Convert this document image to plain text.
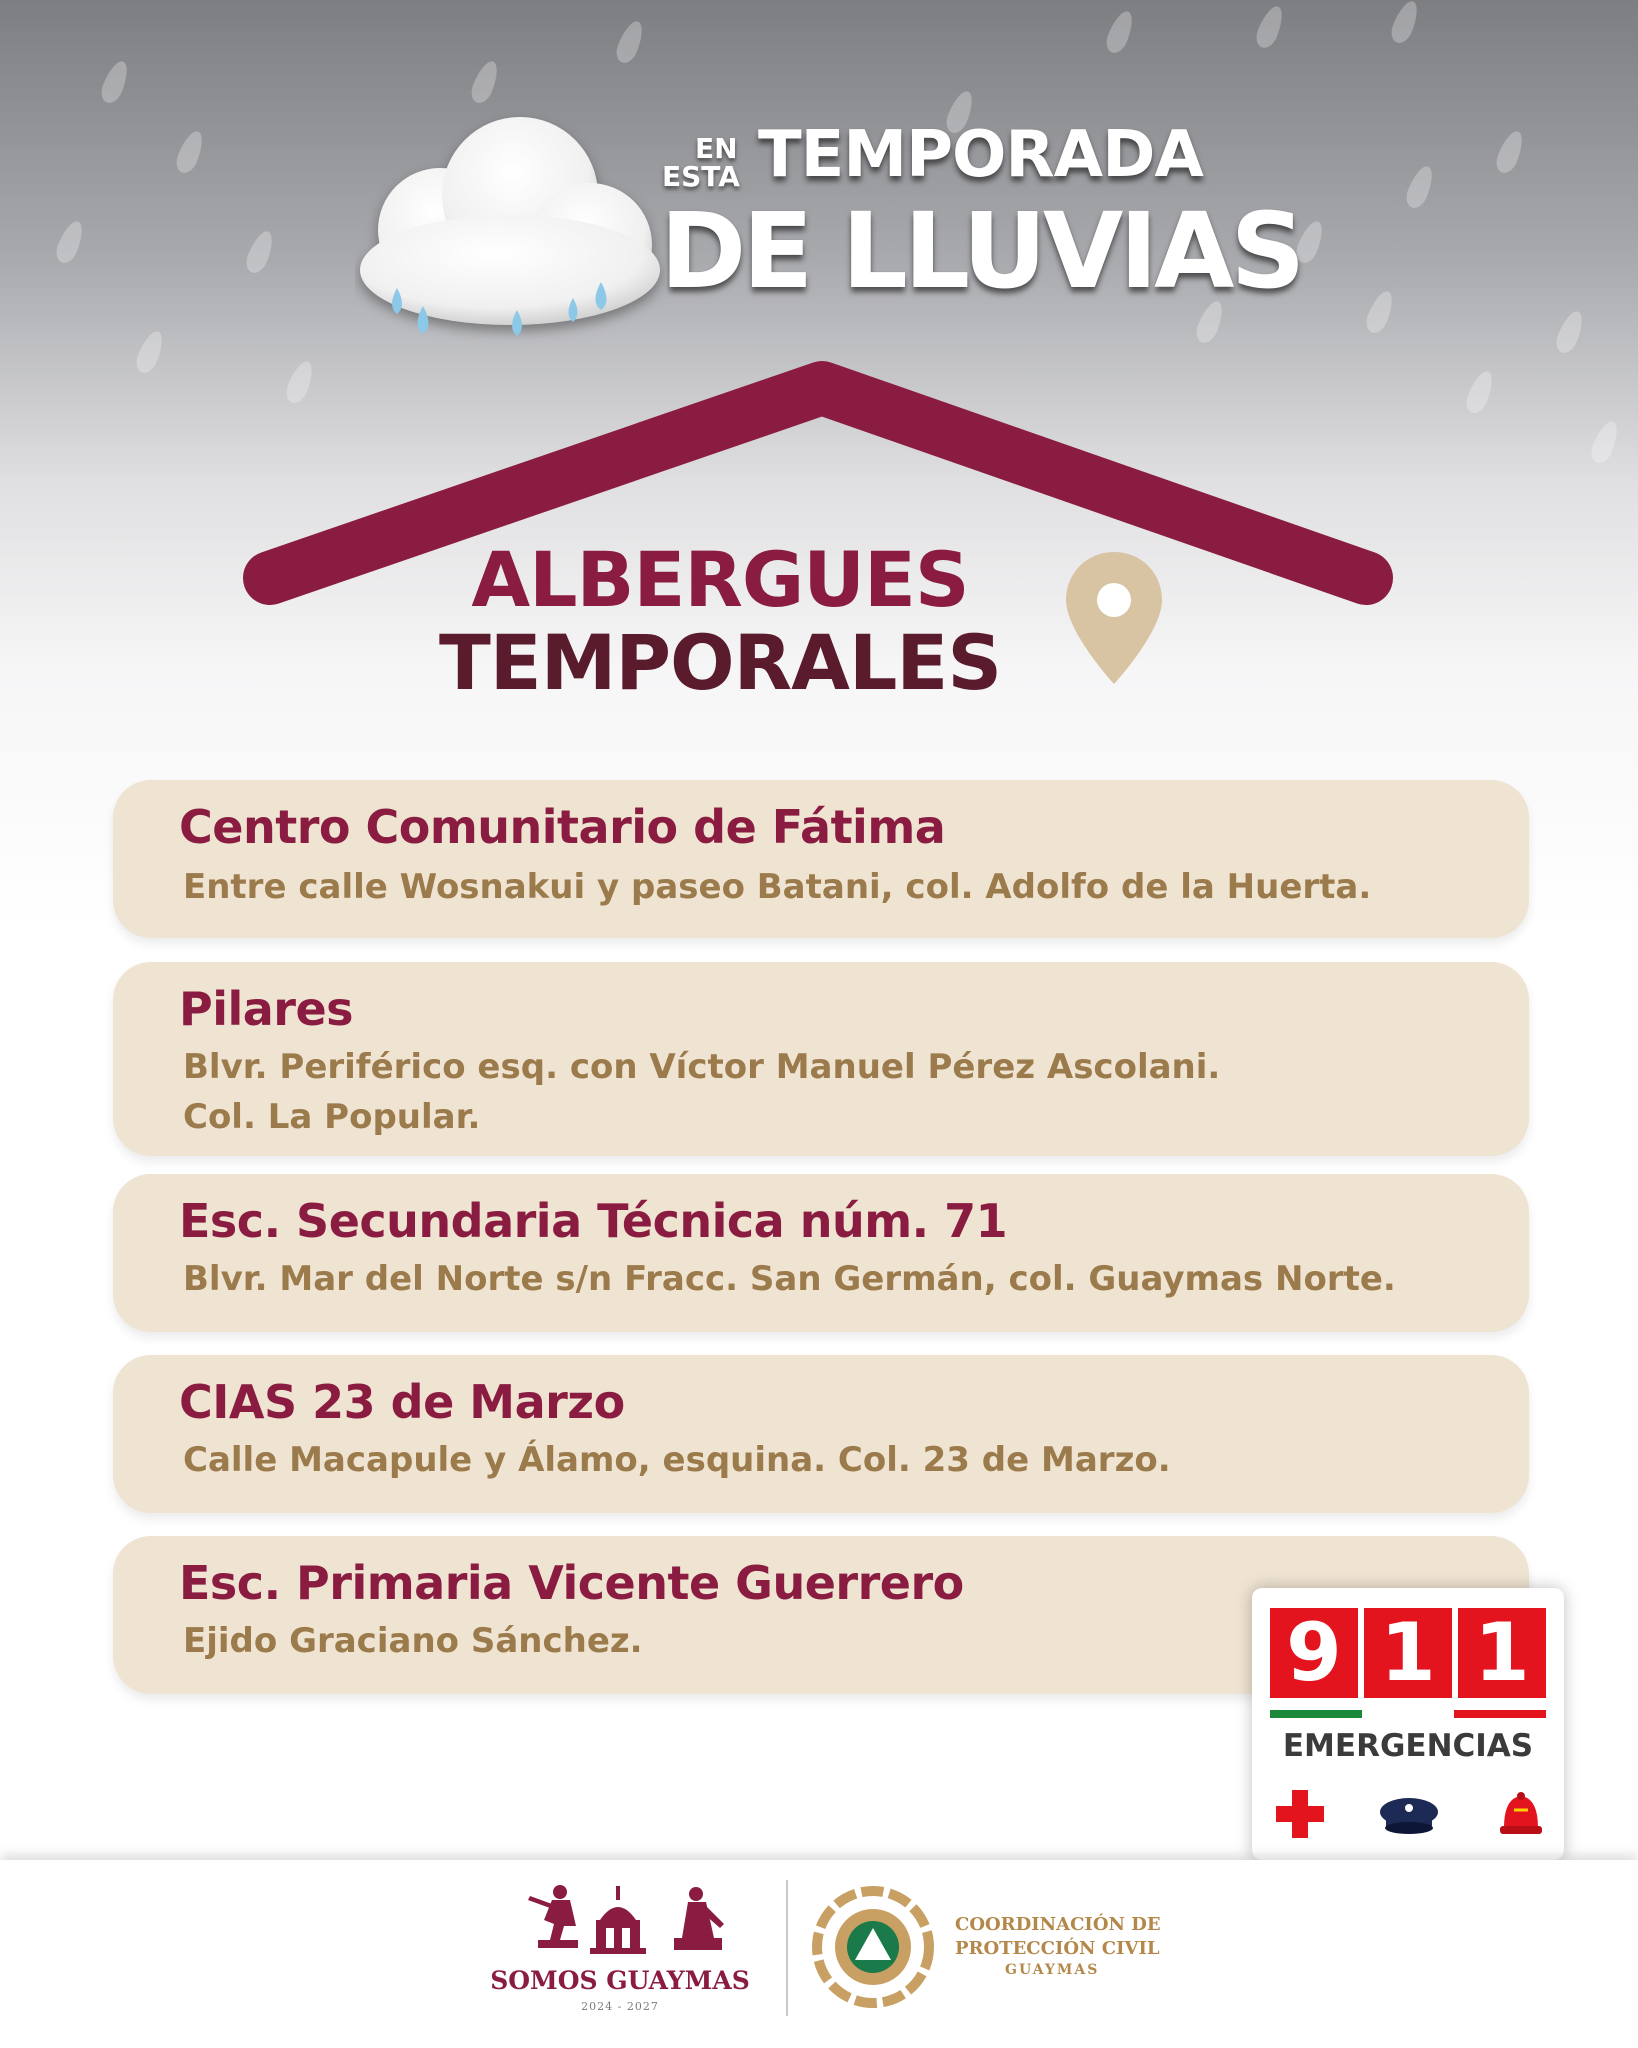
EN
ESTA TEMPORADA
DE LLUVIAS
ALBERGUES
TEMPORALES
Centro Comunitario de Fátima
Entre calle Wosnakui y paseo Batani, col. Adolfo de la Huerta.
Pilares
Blvr. Periférico esq. con Víctor Manuel Pérez Ascolani.
Col. La Popular.
Esc. Secundaria Técnica núm. 71
Blvr. Mar del Norte s/n Fracc. San Germán, col. Guaymas Norte.
CIAS 23 de Marzo
Calle Macapule y Álamo, esquina. Col. 23 de Marzo.
Esc. Primaria Vicente Guerrero
Ejido Graciano Sánchez.	9 1 1
EMERGENCIAS
SOMOS GUAYMAS
2024 - 2027
COORDINACIÓN DE
PROTECCIÓN CIVIL
GUAYMAS
